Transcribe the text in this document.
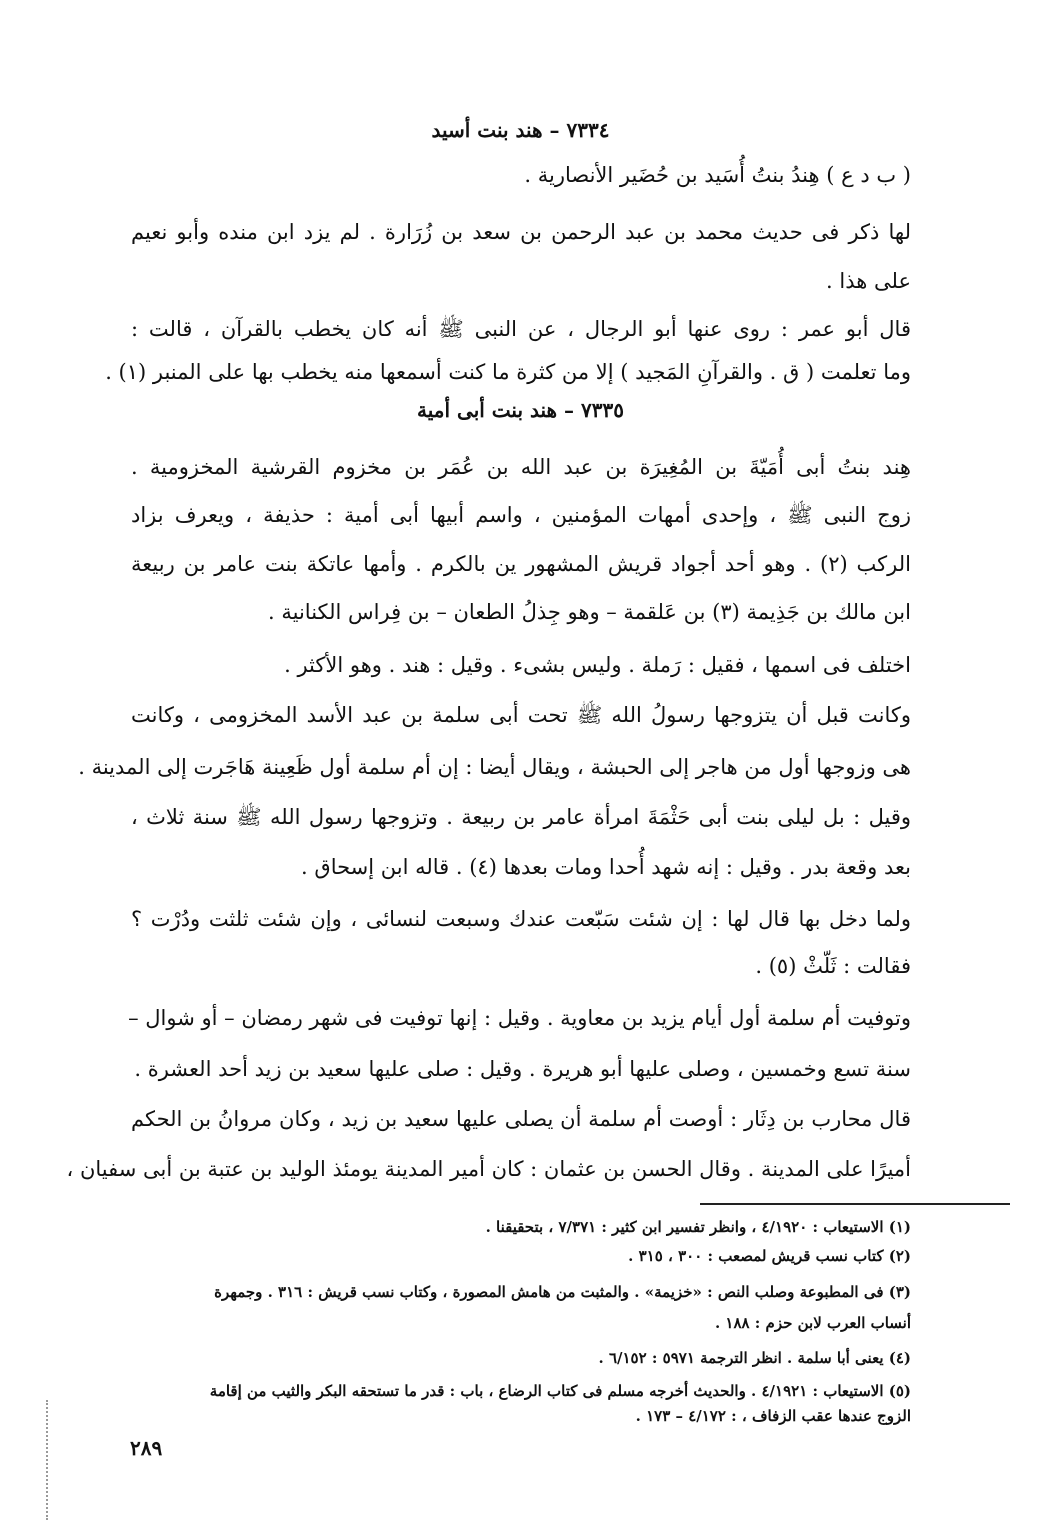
٧٣٣٤ – هند بنت أسيد
( ب د ع ) هِندُ بنتُ أُسَيد بن حُضَير الأنصارية .
لها ذكر فى حديث محمد بن عبد الرحمن بن سعد بن زُرَارة . لم يزد ابن منده وأبو نعيم
على هذا .
قال أبو عمر : روى عنها أبو الرجال ، عن النبى ﷺ أنه كان يخطب بالقرآن ، قالت :
وما تعلمت ( ق . والقرآنِ المَجيد ) إلا من كثرة ما كنت أسمعها منه يخطب بها على المنبر (١) .
٧٣٣٥ – هند بنت أبى أمية
هِند بنتُ أبى أُمَيّةَ بن المُغِيرَة بن عبد الله بن عُمَر بن مخزوم القرشية المخزومية .
زوج النبى ﷺ ، وإحدى أمهات المؤمنين ، واسم أبيها أبى أمية : حذيفة ، ويعرف بزاد
الركب (٢) . وهو أحد أجواد قريش المشهور ين بالكرم . وأمها عاتكة بنت عامر بن ربيعة
ابن مالك بن جَذِيمة (٣) بن عَلقمة – وهو جِذلُ الطعان – بن فِراس الكنانية .
اختلف فى اسمها ، فقيل : رَملة . وليس بشىء . وقيل : هند . وهو الأكثر .
وكانت قبل أن يتزوجها رسولُ الله ﷺ تحت أبى سلمة بن عبد الأسد المخزومى ، وكانت
هى وزوجها أول من هاجر إلى الحبشة ، ويقال أيضا : إن أم سلمة أول ظَعِينة هَاجَرت إلى المدينة .
وقيل : بل ليلى بنت أبى حَثْمَةَ امرأة عامر بن ربيعة . وتزوجها رسول الله ﷺ سنة ثلاث ،
بعد وقعة بدر . وقيل : إنه شهد أُحدا ومات بعدها (٤) . قاله ابن إسحاق .
ولما دخل بها قال لها : إن شئت سَبّعت عندك وسبعت لنسائى ، وإن شئت ثلثت ودُرْت ؟
فقالت : ثَلّثْ (٥) .
وتوفيت أم سلمة أول أيام يزيد بن معاوية . وقيل : إنها توفيت فى شهر رمضان – أو شوال –
سنة تسع وخمسين ، وصلى عليها أبو هريرة . وقيل : صلى عليها سعيد بن زيد أحد العشرة .
قال محارب بن دِثَار : أوصت أم سلمة أن يصلى عليها سعيد بن زيد ، وكان مروانُ بن الحكم
أميرًا على المدينة . وقال الحسن بن عثمان : كان أمير المدينة يومئذ الوليد بن عتبة بن أبى سفيان ،
(١) الاستيعاب : ٤/١٩٢٠ ، وانظر تفسير ابن كثير : ٧/٣٧١ ، بتحقيقنا .
(٢) كتاب نسب قريش لمصعب : ٣٠٠ ، ٣١٥ .
(٣) فى المطبوعة وصلب النص : «خزيمة» . والمثبت من هامش المصورة ، وكتاب نسب قريش : ٣١٦ . وجمهرة
أنساب العرب لابن حزم : ١٨٨ .
(٤) يعنى أبا سلمة . انظر الترجمة ٥٩٧١ : ٦/١٥٢ .
(٥) الاستيعاب : ٤/١٩٢١ . والحديث أخرجه مسلم فى كتاب الرضاع ، باب : قدر ما تستحقه البكر والثيب من إقامة
الزوج عندها عقب الزفاف ، : ٤/١٧٢ – ١٧٣ .
٢٨٩
